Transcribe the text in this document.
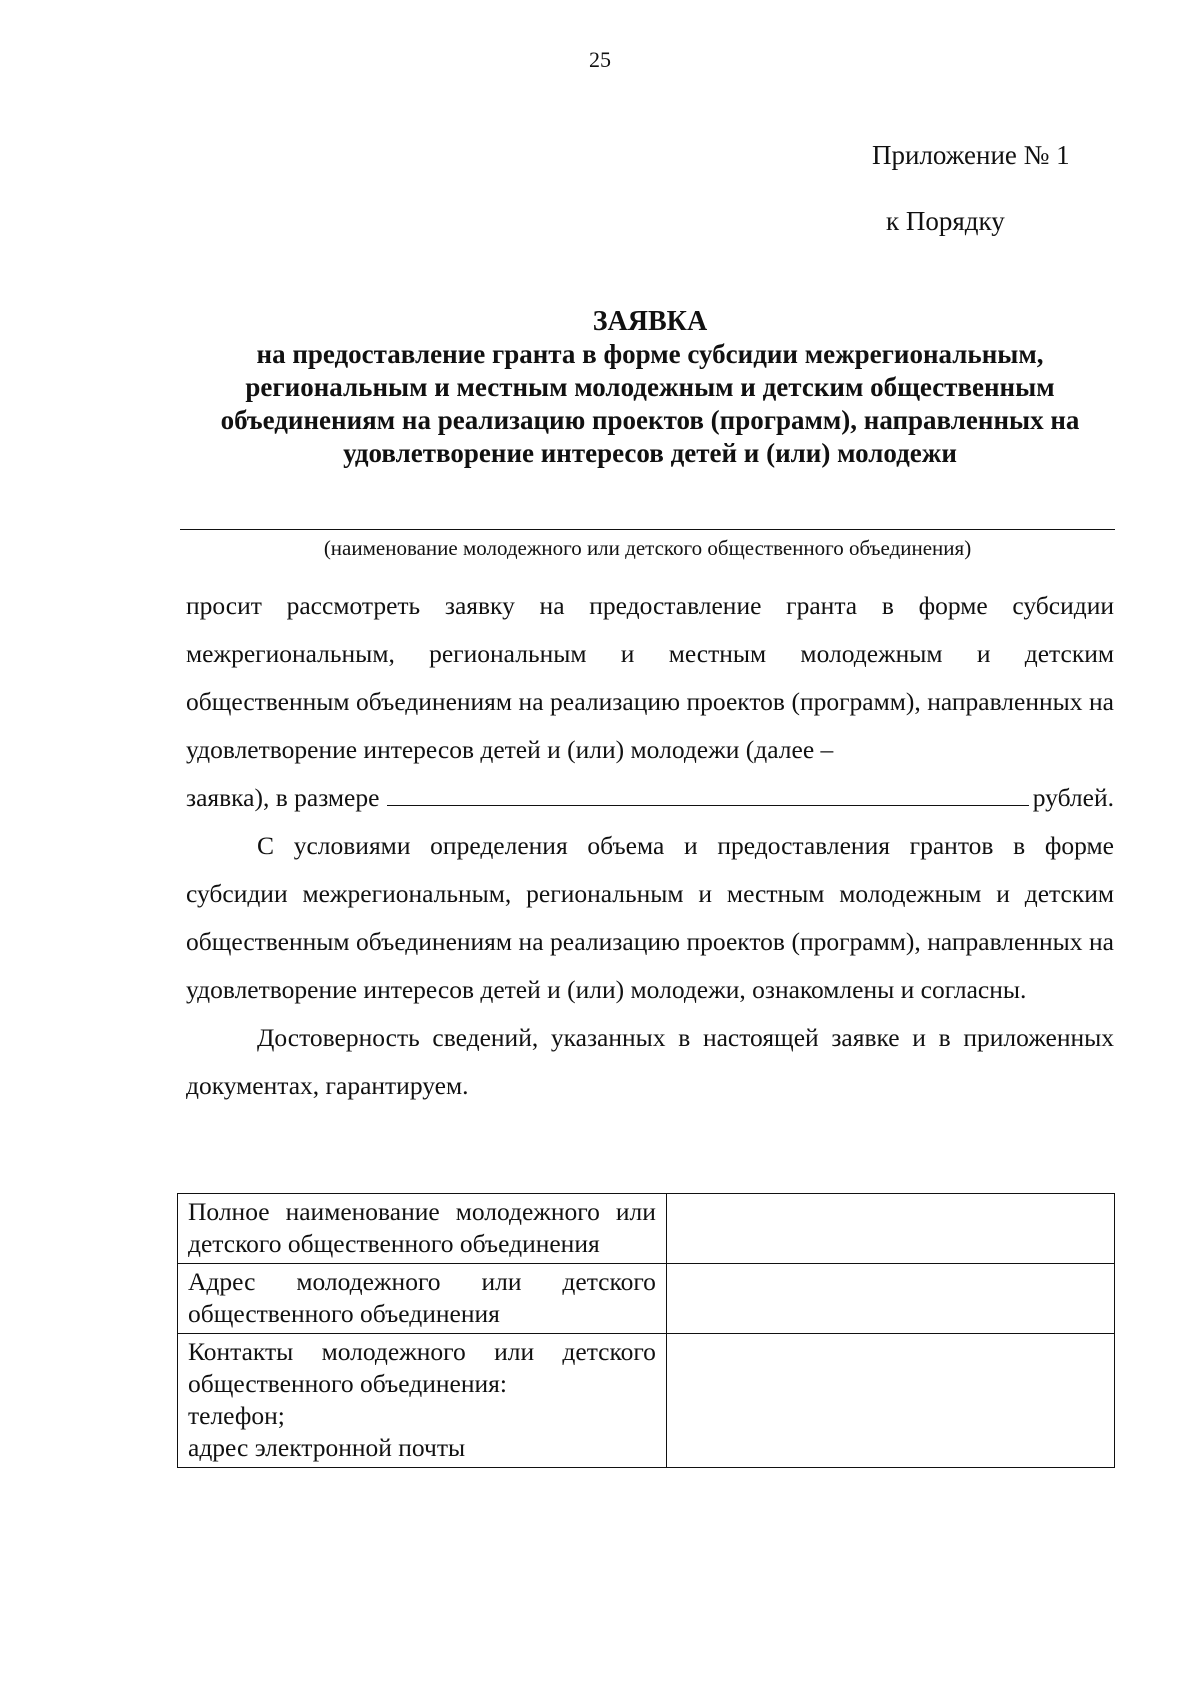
25
Приложение № 1
к Порядку
ЗАЯВКА
на предоставление гранта в форме субсидии межрегиональным,
региональным и местным молодежным и детским общественным
объединениям на реализацию проектов (программ), направленных на
удовлетворение интересов детей и (или) молодежи
(наименование молодежного или детского общественного объединения)

просит рассмотреть заявку на предоставление гранта в форме субсидии межрегиональным, региональным и местным молодежным и детским общественным объединениям на реализацию проектов (программ), направленных на удовлетворение интересов детей и (или) молодежи (далее –

заявка), в размере	рублей.

С условиями определения объема и предоставления грантов в форме субсидии межрегиональным, региональным и местным молодежным и детским общественным объединениям на реализацию проектов (программ), направленных на удовлетворение интересов детей и (или) молодежи, ознакомлены и согласны.

Достоверность сведений, указанных в настоящей заявке и в приложенных документах, гарантируем.

Полное наименование молодежного или детского общественного объединения	
Адрес молодежного или детского общественного объединения	

Контакты молодежного или детского общественного объединения:
телефон;
адрес электронной почты	
